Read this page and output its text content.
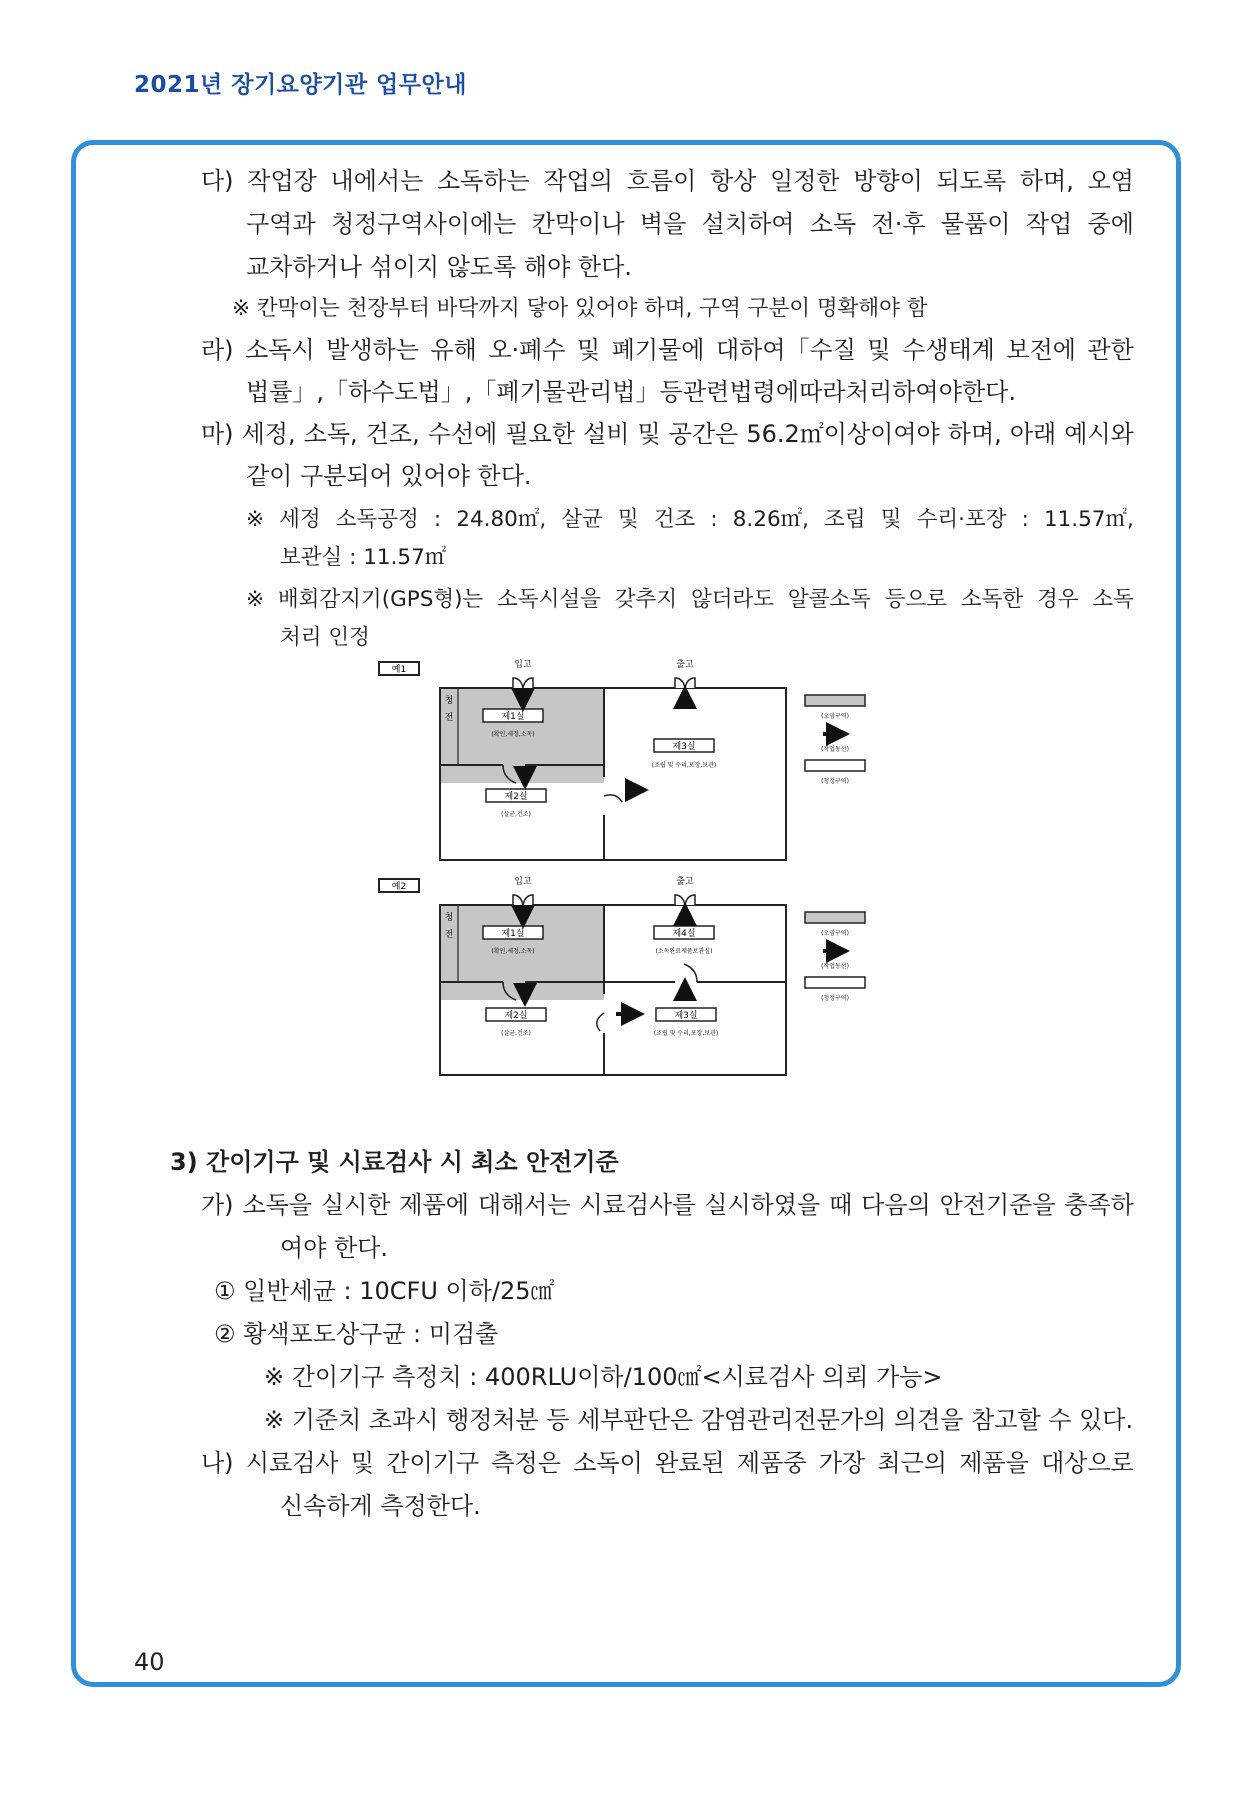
2021년 장기요양기관 업무안내
다) 작업장 내에서는 소독하는 작업의 흐름이 항상 일정한 방향이 되도록 하며, 오염
구역과 청정구역사이에는 칸막이나 벽을 설치하여 소독 전·후 물품이 작업 중에
교차하거나 섞이지 않도록 해야 한다.
※ 칸막이는 천장부터 바닥까지 닿아 있어야 하며, 구역 구분이 명확해야 함
라) 소독시 발생하는 유해 오·폐수 및 폐기물에 대하여「수질 및 수생태계 보전에 관한
법률」,「하수도법」,「폐기물관리법」등 관련 법령에 따라 처리하여야 한다.
마) 세정, 소독, 건조, 수선에 필요한 설비 및 공간은 56.2㎡이상이여야 하며, 아래 예시와
같이 구분되어 있어야 한다.
※ 세정 소독공정 : 24.80㎡, 살균 및 건조 : 8.26㎡, 조립 및 수리·포장 : 11.57㎡,
보관실 : 11.57㎡
※ 배회감지기(GPS형)는 소독시설을 갖추지 않더라도 알콜소독 등으로 소독한 경우 소독
처리 인정
예1	입고	출고
청
전	제1실
(확인,세정,소독)
제2실
(살균,건조)
제3실
(조립 및 수리,포장,보관)
(오염구역)
(작업동선)
(청정구역)
예2	입고	출고
청
전	제1실
(확인,세정,소독)
제2실
(살균,건조)
제3실
(조립 및 수리,포장,보관)
제4실
(소독완료제품보관실)
(오염구역)
(작업동선)
(청정구역)
3) 간이기구 및 시료검사 시 최소 안전기준
가) 소독을 실시한 제품에 대해서는 시료검사를 실시하였을 때 다음의 안전기준을 충족하
여야 한다.
① 일반세균 : 10CFU 이하/25㎠
② 황색포도상구균 : 미검출
※ 간이기구 측정치 : 400RLU이하/100㎠<시료검사 의뢰 가능>
※ 기준치 초과시 행정처분 등 세부판단은 감염관리전문가의 의견을 참고할 수 있다.
나) 시료검사 및 간이기구 측정은 소독이 완료된 제품중 가장 최근의 제품을 대상으로
신속하게 측정한다.
40
